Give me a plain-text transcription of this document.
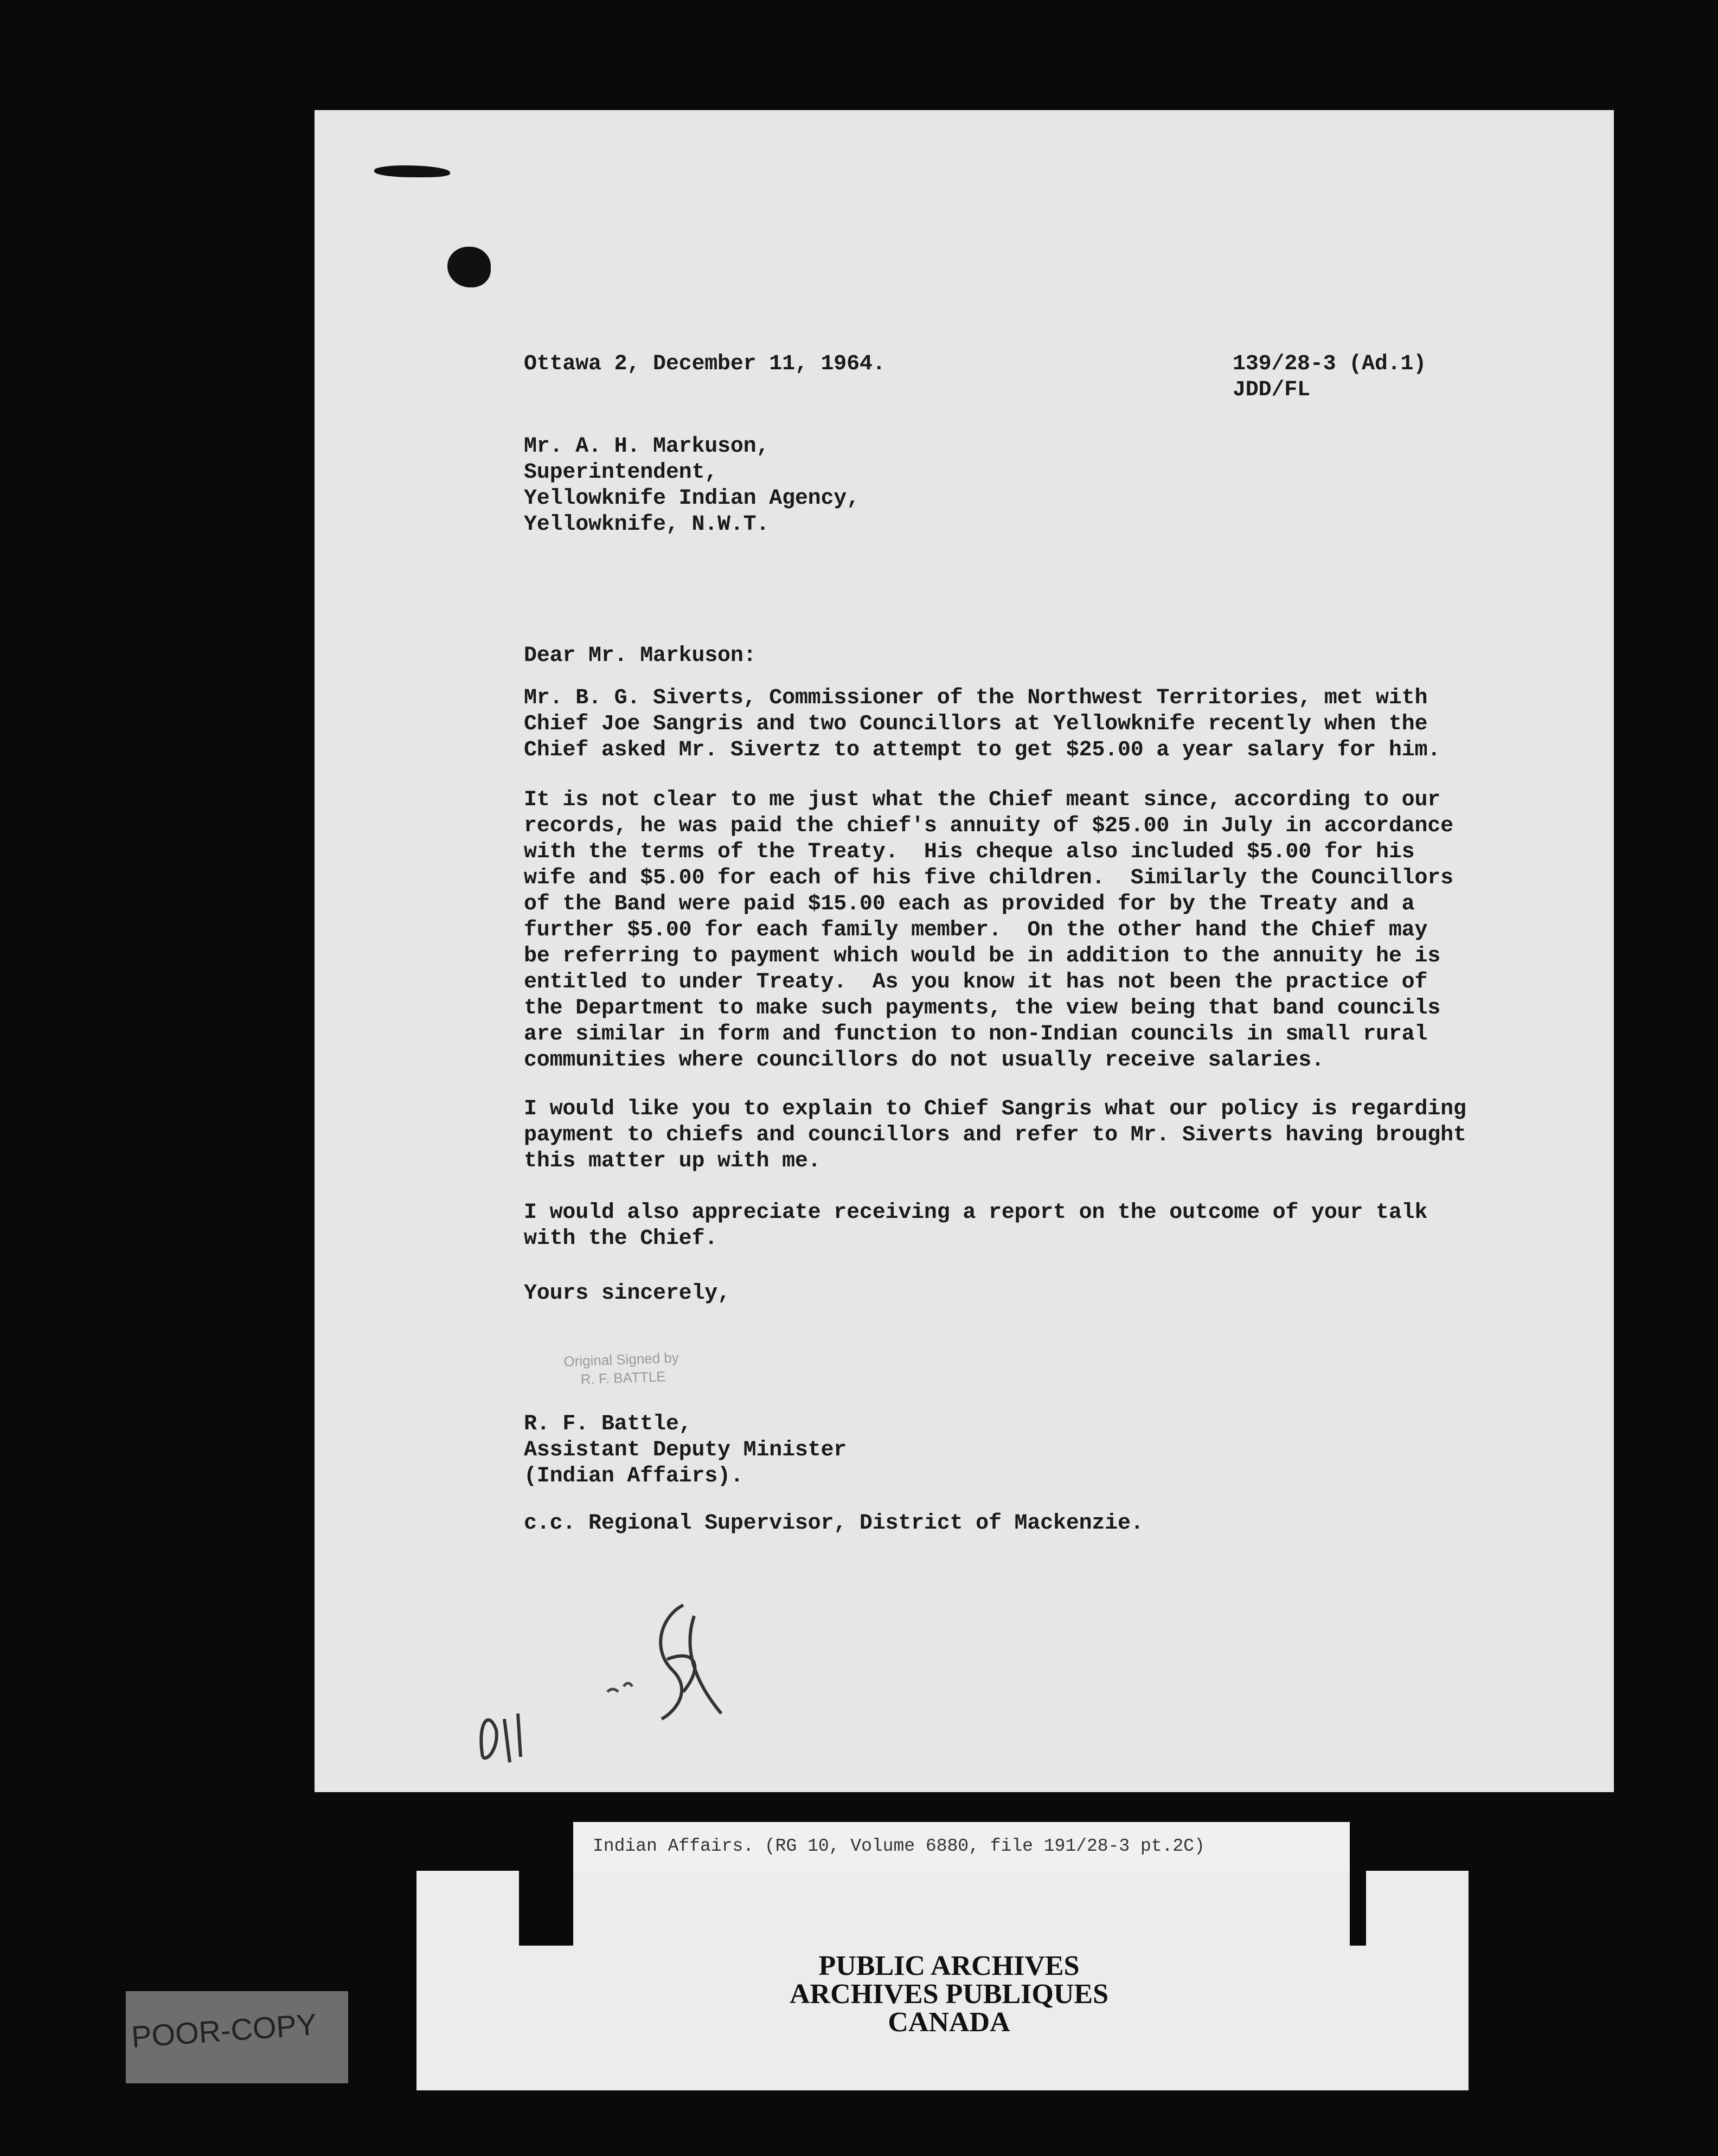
Ottawa 2, December 11, 1964.	139/28-3 (Ad.1)
JDD/FL
Mr. A. H. Markuson,
Superintendent,
Yellowknife Indian Agency,
Yellowknife, N.W.T.
Dear Mr. Markuson:
Mr. B. G. Siverts, Commissioner of the Northwest Territories, met with
Chief Joe Sangris and two Councillors at Yellowknife recently when the
Chief asked Mr. Sivertz to attempt to get $25.00 a year salary for him.
It is not clear to me just what the Chief meant since, according to our
records, he was paid the chief's annuity of $25.00 in July in accordance
with the terms of the Treaty.  His cheque also included $5.00 for his
wife and $5.00 for each of his five children.  Similarly the Councillors
of the Band were paid $15.00 each as provided for by the Treaty and a
further $5.00 for each family member.  On the other hand the Chief may
be referring to payment which would be in addition to the annuity he is
entitled to under Treaty.  As you know it has not been the practice of
the Department to make such payments, the view being that band councils
are similar in form and function to non-Indian councils in small rural
communities where councillors do not usually receive salaries.
I would like you to explain to Chief Sangris what our policy is regarding
payment to chiefs and councillors and refer to Mr. Siverts having brought
this matter up with me.
I would also appreciate receiving a report on the outcome of your talk
with the Chief.
Yours sincerely,
Original Signed by
R. F. BATTLE
R. F. Battle,
Assistant Deputy Minister
(Indian Affairs).
c.c. Regional Supervisor, District of Mackenzie.
Indian Affairs. (RG 10, Volume 6880, file 191/28-3 pt.2C)
PUBLIC ARCHIVES
ARCHIVES PUBLIQUES
CANADA
POOR-COPY
